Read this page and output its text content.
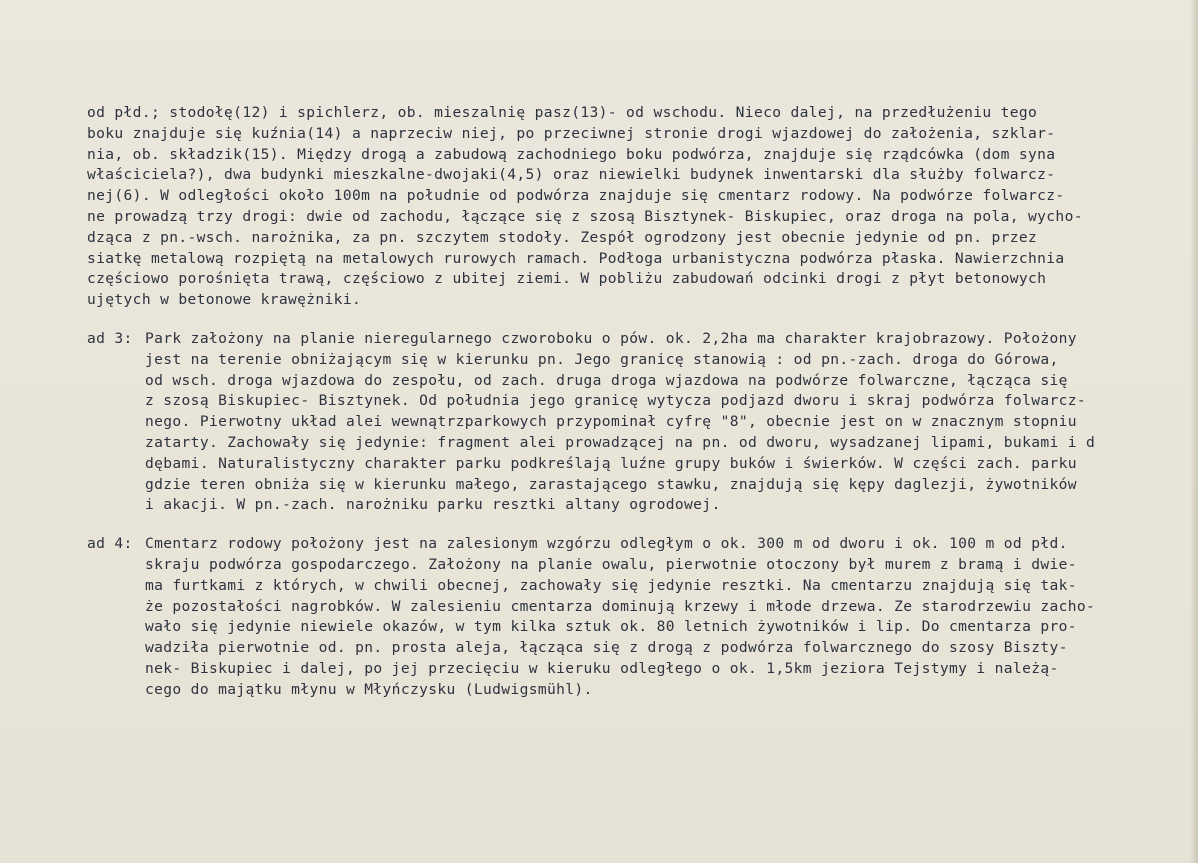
od płd.; stodołę(12) i spichlerz, ob. mieszalnię pasz(13)- od wschodu. Nieco dalej, na przedłużeniu tego
boku znajduje się kuźnia(14) a naprzeciw niej, po przeciwnej stronie drogi wjazdowej do założenia, szklar-
nia, ob. składzik(15). Między drogą a zabudową zachodniego boku podwórza, znajduje się rządcówka (dom syna
właściciela?), dwa budynki mieszkalne-dwojaki(4,5) oraz niewielki budynek inwentarski dla służby folwarcz-
nej(6). W odległości około 100m na południe od podwórza znajduje się cmentarz rodowy. Na podwórze folwarcz-
ne prowadzą trzy drogi: dwie od zachodu, łączące się z szosą Bisztynek- Biskupiec, oraz droga na pola, wycho-
dząca z pn.-wsch. narożnika, za pn. szczytem stodoły. Zespół ogrodzony jest obecnie jedynie od pn. przez
siatkę metalową rozpiętą na metalowych rurowych ramach. Podłoga urbanistyczna podwórza płaska. Nawierzchnia
częściowo porośnięta trawą, częściowo z ubitej ziemi. W pobliżu zabudowań odcinki drogi z płyt betonowych
ujętych w betonowe krawężniki.
ad 3: Park założony na planie nieregularnego czworoboku o pów. ok. 2,2ha ma charakter krajobrazowy. Położony
jest na terenie obniżającym się w kierunku pn. Jego granicę stanowią : od pn.-zach. droga do Górowa,
od wsch. droga wjazdowa do zespołu, od zach. druga droga wjazdowa na podwórze folwarczne, łącząca się
z szosą Biskupiec- Bisztynek. Od południa jego granicę wytycza podjazd dworu i skraj podwórza folwarcz-
nego. Pierwotny układ alei wewnątrzparkowych przypominał cyfrę "8", obecnie jest on w znacznym stopniu
zatarty. Zachowały się jedynie: fragment alei prowadzącej na pn. od dworu, wysadzanej lipami, bukami i d
dębami. Naturalistyczny charakter parku podkreślają luźne grupy buków i świerków. W części zach. parku
gdzie teren obniża się w kierunku małego, zarastającego stawku, znajdują się kępy daglezji, żywotników
i akacji. W pn.-zach. narożniku parku resztki altany ogrodowej.
ad 4: Cmentarz rodowy położony jest na zalesionym wzgórzu odległym o ok. 300 m od dworu i ok. 100 m od płd.
skraju podwórza gospodarczego. Założony na planie owalu, pierwotnie otoczony był murem z bramą i dwie-
ma furtkami z których, w chwili obecnej, zachowały się jedynie resztki. Na cmentarzu znajdują się tak-
że pozostałości nagrobków. W zalesieniu cmentarza dominują krzewy i młode drzewa. Ze starodrzewiu zacho-
wało się jedynie niewiele okazów, w tym kilka sztuk ok. 80 letnich żywotników i lip. Do cmentarza pro-
wadziła pierwotnie od. pn. prosta aleja, łącząca się z drogą z podwórza folwarcznego do szosy Biszty-
nek- Biskupiec i dalej, po jej przecięciu w kieruku odległego o ok. 1,5km jeziora Tejstymy i należą-
cego do majątku młynu w Młyńczysku (Ludwigsmühl).
